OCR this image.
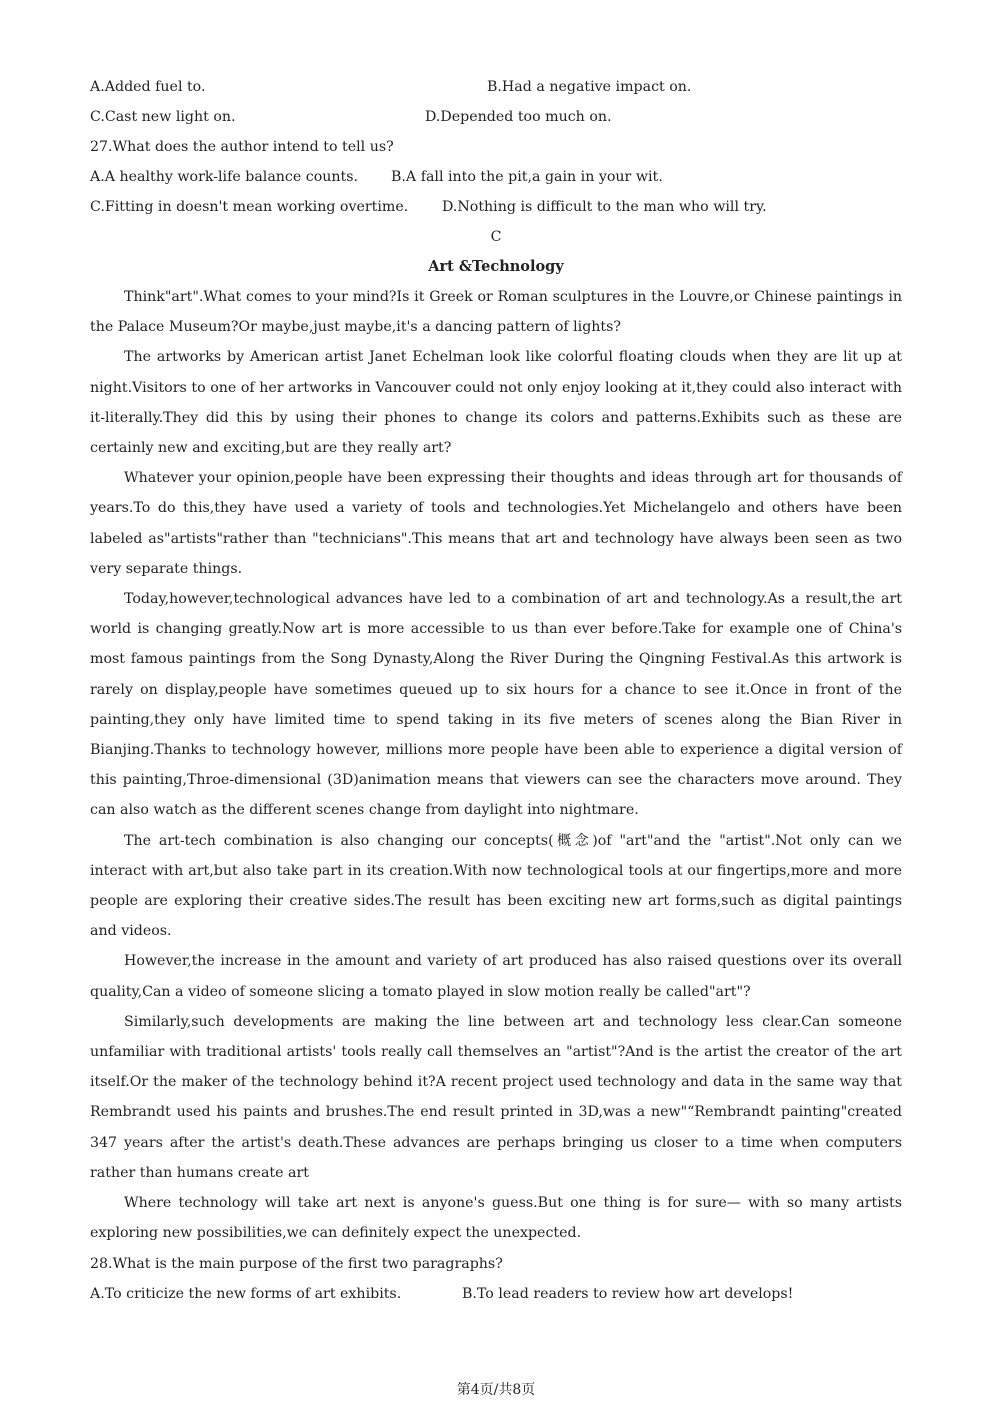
A.Added fuel to.	B.Had a negative impact on.
C.Cast new light on.	D.Depended too much on.
27.What does the author intend to tell us?
A.A healthy work-life balance counts. B.A fall into the pit,a gain in your wit.
C.Fitting in doesn't mean working overtime. D.Nothing is difficult to the man who will try.
C
Art &Technology

Think"art".What comes to your mind?Is it Greek or Roman sculptures in the Louvre,or Chinese paintings in the Palace Museum?Or maybe,just maybe,it's a dancing pattern of lights?

The artworks by American artist Janet Echelman look like colorful floating clouds when they are lit up at night.Visitors to one of her artworks in Vancouver could not only enjoy looking at it,they could also interact with it-literally.They did this by using their phones to change its colors and patterns.Exhibits such as these are certainly new and exciting,but are they really art?

Whatever your opinion,people have been expressing their thoughts and ideas through art for thousands of years.To do this,they have used a variety of tools and technologies.Yet Michelangelo and others have been labeled as"artists"rather than "technicians".This means that art and technology have always been seen as two very separate things.

Today,however,technological advances have led to a combination of art and technology.As a result,the art world is changing greatly.Now art is more accessible to us than ever before.Take for example one of China's most famous paintings from the Song Dynasty,Along the River During the Qingning Festival.As this artwork is rarely on display,people have sometimes queued up to six hours for a chance to see it.Once in front of the painting,they only have limited time to spend taking in its five meters of scenes along the Bian River in Bianjing.Thanks to technology however, millions more people have been able to experience a digital version of this painting,Throe-dimensional (3D)animation means that viewers can see the characters move around. They can also watch as the different scenes change from daylight into nightmare.

The art-tech combination is also changing our concepts(概念)of "art"and the "artist".Not only can we interact with art,but also take part in its creation.With now technological tools at our fingertips,more and more people are exploring their creative sides.The result has been exciting new art forms,such as digital paintings and videos.

However,the increase in the amount and variety of art produced has also raised questions over its overall quality,Can a video of someone slicing a tomato played in slow motion really be called"art"?

Similarly,such developments are making the line between art and technology less clear.Can someone unfamiliar with traditional artists' tools really call themselves an "artist"?And is the artist the creator of the art itself.Or the maker of the technology behind it?A recent project used technology and data in the same way that Rembrandt used his paints and brushes.The end result printed in 3D,was a new"“Rembrandt painting"created 347 years after the artist's death.These advances are perhaps bringing us closer to a time when computers rather than humans create art

Where technology will take art next is anyone's guess.But one thing is for sure— with so many artists exploring new possibilities,we can definitely expect the unexpected.

28.What is the main purpose of the first two paragraphs?
A.To criticize the new forms of art exhibits.	B.To lead readers to review how art develops!
第4页/共8页
